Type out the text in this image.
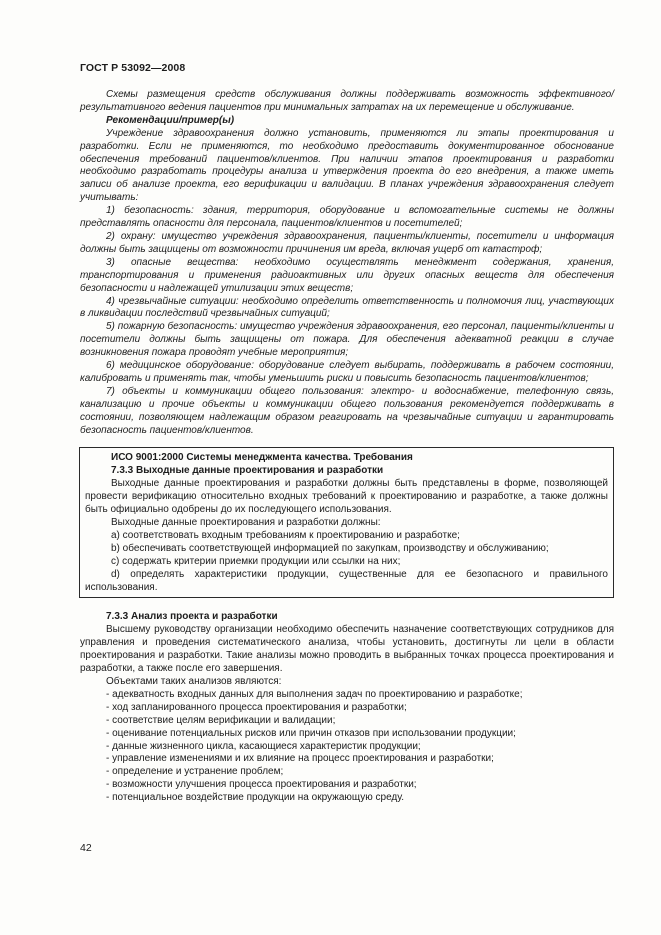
ГОСТ Р 53092—2008

Схемы размещения средств обслуживания должны поддерживать возможность эффективного/результативного ведения пациентов при минимальных затратах на их перемещение и обслуживание.

Рекомендации/пример(ы)

Учреждение здравоохранения должно установить, применяются ли этапы проектирования и разработки. Если не применяются, то необходимо предоставить документированное обоснование обеспечения требований пациентов/клиентов. При наличии этапов проектирования и разработки необходимо разработать процедуры анализа и утверждения проекта до его внедрения, а также иметь записи об анализе проекта, его верификации и валидации. В планах учреждения здравоохранения следует учитывать:

1) безопасность: здания, территория, оборудование и вспомогательные системы не должны представлять опасности для персонала, пациентов/клиентов и посетителей;

2) охрану: имущество учреждения здравоохранения, пациенты/клиенты, посетители и информация должны быть защищены от возможности причинения им вреда, включая ущерб от катастроф;

3) опасные вещества: необходимо осуществлять менеджмент содержания, хранения, транспортирования и применения радиоактивных или других опасных веществ для обеспечения безопасности и надлежащей утилизации этих веществ;

4) чрезвычайные ситуации: необходимо определить ответственность и полномочия лиц, участвующих в ликвидации последствий чрезвычайных ситуаций;

5) пожарную безопасность: имущество учреждения здравоохранения, его персонал, пациенты/клиенты и посетители должны быть защищены от пожара. Для обеспечения адекватной реакции в случае возникновения пожара проводят учебные мероприятия;

6) медицинское оборудование: оборудование следует выбирать, поддерживать в рабочем состоянии, калибровать и применять так, чтобы уменьшить риски и повысить безопасность пациентов/клиентов;

7) объекты и коммуникации общего пользования: электро- и водоснабжение, телефонную связь, канализацию и прочие объекты и коммуникации общего пользования рекомендуется поддерживать в состоянии, позволяющем надлежащим образом реагировать на чрезвычайные ситуации и гарантировать безопасность пациентов/клиентов.

ИСО 9001:2000 Системы менеджмента качества. Требования

7.3.3 Выходные данные проектирования и разработки

Выходные данные проектирования и разработки должны быть представлены в форме, позволяющей провести верификацию относительно входных требований к проектированию и разработке, а также должны быть официально одобрены до их последующего использования.

Выходные данные проектирования и разработки должны:

a) соответствовать входным требованиям к проектированию и разработке;

b) обеспечивать соответствующей информацией по закупкам, производству и обслуживанию;

c) содержать критерии приемки продукции или ссылки на них;

d) определять характеристики продукции, существенные для ее безопасного и правильного использования.

7.3.3 Анализ проекта и разработки

Высшему руководству организации необходимо обеспечить назначение соответствующих сотрудников для управления и проведения систематического анализа, чтобы установить, достигнуты ли цели в области проектирования и разработки. Такие анализы можно проводить в выбранных точках процесса проектирования и разработки, а также после его завершения.

Объектами таких анализов являются:

- адекватность входных данных для выполнения задач по проектированию и разработке;

- ход запланированного процесса проектирования и разработки;

- соответствие целям верификации и валидации;

- оценивание потенциальных рисков или причин отказов при использовании продукции;

- данные жизненного цикла, касающиеся характеристик продукции;

- управление изменениями и их влияние на процесс проектирования и разработки;

- определение и устранение проблем;

- возможности улучшения процесса проектирования и разработки;

- потенциальное воздействие продукции на окружающую среду.

42
